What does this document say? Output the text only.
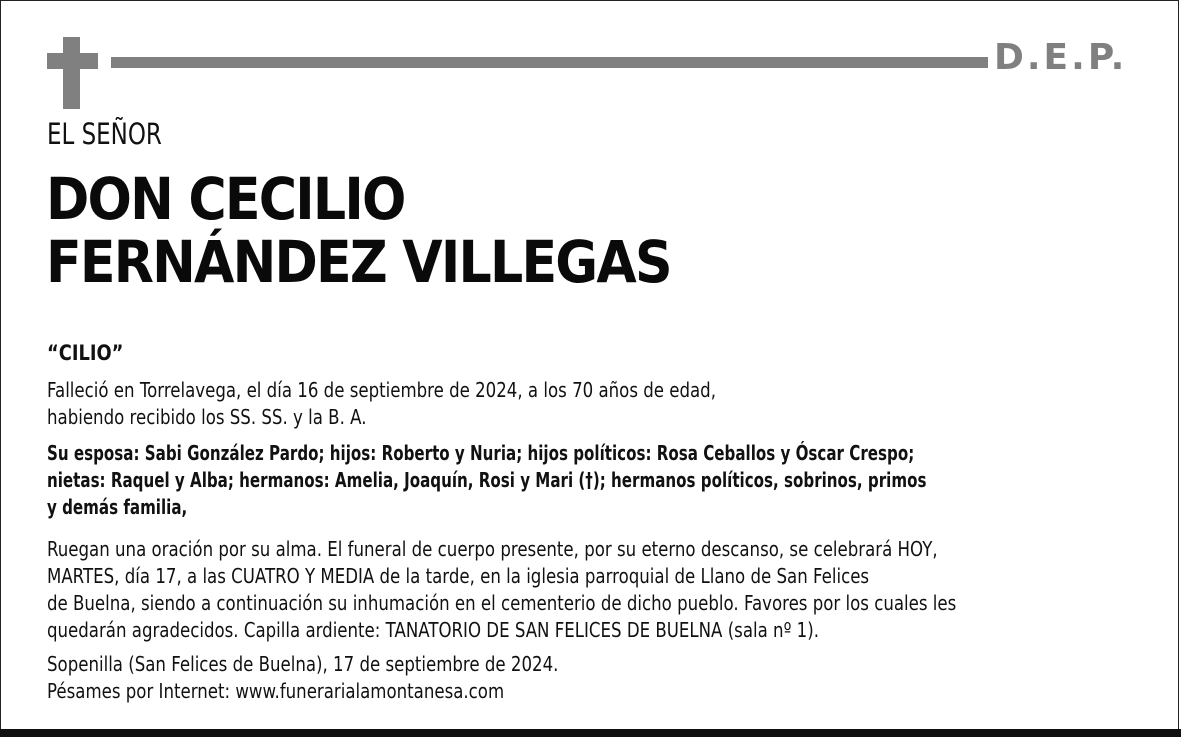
D.E.P.
EL SEÑOR
DON CECILIO
FERNÁNDEZ VILLEGAS
“CILIO”
Falleció en Torrelavega, el día 16 de septiembre de 2024, a los 70 años de edad,
habiendo recibido los SS. SS. y la B. A.
Su esposa: Sabi González Pardo; hijos: Roberto y Nuria; hijos políticos: Rosa Ceballos y Óscar Crespo;
nietas: Raquel y Alba; hermanos: Amelia, Joaquín, Rosi y Mari (†); hermanos políticos, sobrinos, primos
y demás familia,
Ruegan una oración por su alma. El funeral de cuerpo presente, por su eterno descanso, se celebrará HOY,
MARTES, día 17, a las CUATRO Y MEDIA de la tarde, en la iglesia parroquial de Llano de San Felices
de Buelna, siendo a continuación su inhumación en el cementerio de dicho pueblo. Favores por los cuales les
quedarán agradecidos. Capilla ardiente: TANATORIO DE SAN FELICES DE BUELNA (sala nº 1).
Sopenilla (San Felices de Buelna), 17 de septiembre de 2024.
Pésames por Internet: www.funerarialamontanesa.com
